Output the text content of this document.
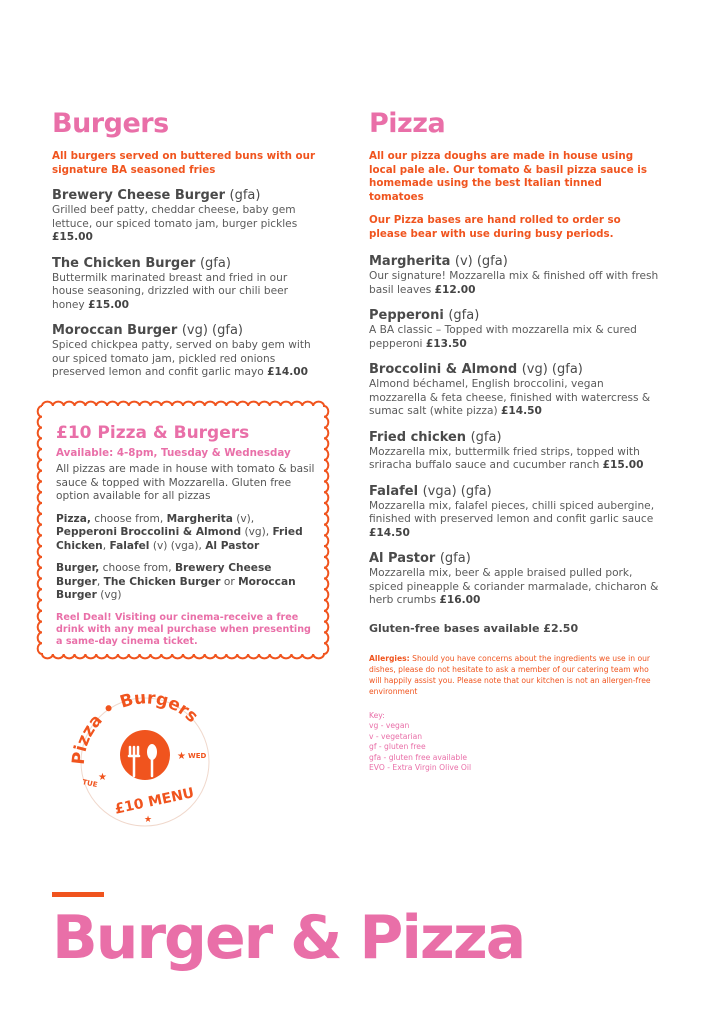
Burgers

All burgers served on buttered buns with our signature BA seasoned fries

Brewery Cheese Burger (gfa)
Grilled beef patty, cheddar cheese, baby gem lettuce, our spiced tomato jam, burger pickles £15.00
The Chicken Burger (gfa)
Buttermilk marinated breast and fried in our house seasoning, drizzled with our chili beer honey £15.00
Moroccan Burger (vg) (gfa)
Spiced chickpea patty, served on baby gem with our spiced tomato jam, pickled red onions preserved lemon and confit garlic mayo £14.00
Pizza

All our pizza doughs are made in house using local pale ale. Our tomato & basil pizza sauce is homemade using the best Italian tinned tomatoes

Our Pizza bases are hand rolled to order so please bear with use during busy periods.

Margherita (v) (gfa)
Our signature! Mozzarella mix & finished off with fresh basil leaves £12.00
Pepperoni (gfa)
A BA classic – Topped with mozzarella mix & cured pepperoni £13.50
Broccolini & Almond (vg) (gfa)
Almond béchamel, English broccolini, vegan mozzarella & feta cheese, finished with watercress & sumac salt (white pizza) £14.50
Fried chicken (gfa)
Mozzarella mix, buttermilk fried strips, topped with sriracha buffalo sauce and cucumber ranch £15.00
Falafel (vga) (gfa)
Mozzarella mix, falafel pieces, chilli spiced aubergine, finished with preserved lemon and confit garlic sauce £14.50
Al Pastor (gfa)
Mozzarella mix, beer & apple braised pulled pork, spiced pineapple & coriander marmalade, chicharon & herb crumbs £16.00
Gluten-free bases available £2.50
Allergies: Should you have concerns about the ingredients we use in our dishes, please do not hesitate to ask a member of our catering team who will happily assist you. Please note that our kitchen is not an allergen-free environment
Key:
vg - vegan
v - vegetarian
gf - gluten free
gfa - gluten free available
EVO - Extra Virgin Olive Oil
£10 Pizza & Burgers
Available: 4-8pm, Tuesday & Wednesday

All pizzas are made in house with tomato & basil sauce & topped with Mozzarella. Gluten free option available for all pizzas

Pizza, choose from, Margherita (v), Pepperoni Broccolini & Almond (vg), Fried Chicken, Falafel (v) (vga), Al Pastor

Burger, choose from, Brewery Cheese Burger, The Chicken Burger or Moroccan Burger (vg)

Reel Deal! Visiting our cinema-receive a free drink with any meal purchase when presenting a same-day cinema ticket.
Pizza • Burgers
TUE
★
★ WED
£10 MENU
★
Burger & Pizza
